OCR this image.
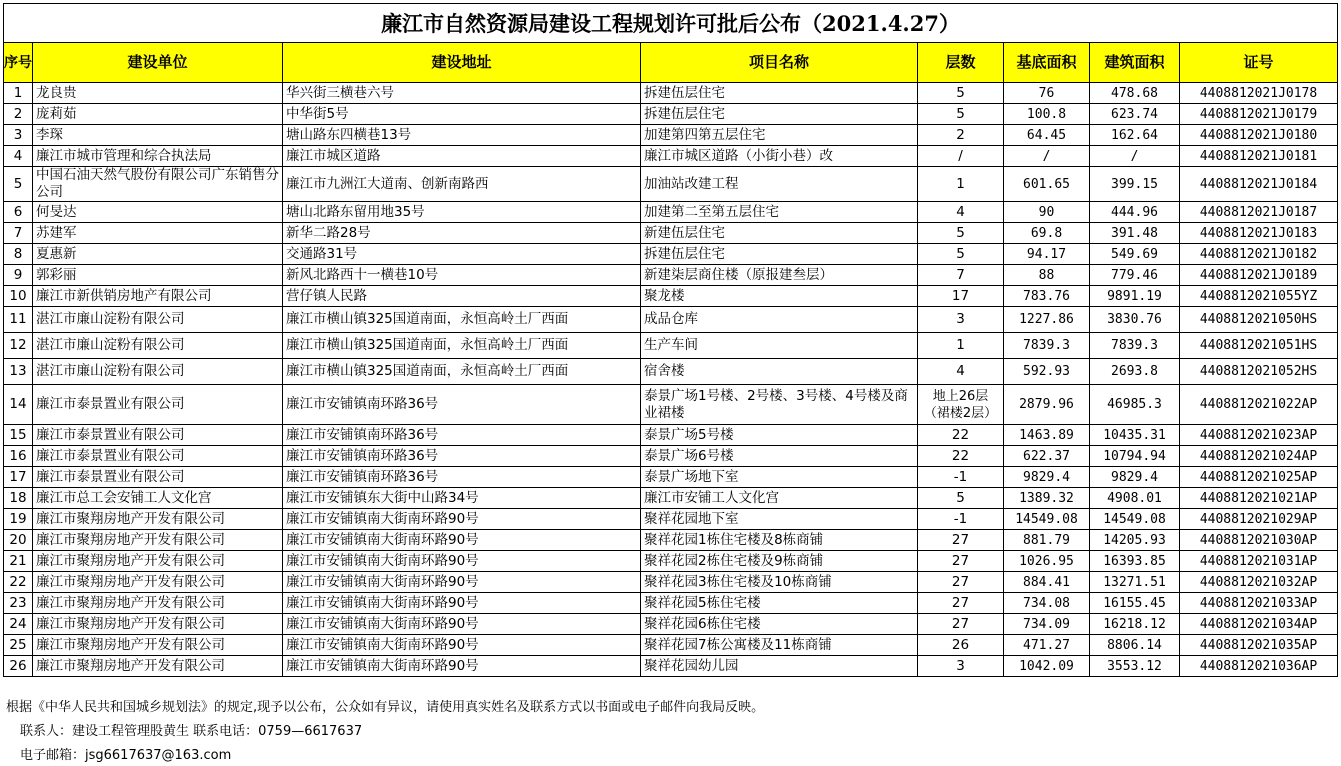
廉江市自然资源局建设工程规划许可批后公布（2021.4.27）							
序号	建设单位	建设地址	项目名称	层数	基底面积	建筑面积	证号
1	龙良贵	华兴街三横巷六号	拆建伍层住宅	5	76	478.68	4408812021J0178
2	庞莉茹	中华街5号	拆建伍层住宅	5	100.8	623.74	4408812021J0179
3	李琛	塘山路东四横巷13号	加建第四第五层住宅	2	64.45	162.64	4408812021J0180
4	廉江市城市管理和综合执法局	廉江市城区道路	廉江市城区道路（小街小巷）改	/	/	/	4408812021J0181
5	中国石油天然气股份有限公司广东销售分公司	廉江市九洲江大道南、创新南路西	加油站改建工程	1	601.65	399.15	4408812021J0184
6	何旻达	塘山北路东留用地35号	加建第二至第五层住宅	4	90	444.96	4408812021J0187
7	苏建军	新华二路28号	新建伍层住宅	5	69.8	391.48	4408812021J0183
8	夏惠新	交通路31号	拆建伍层住宅	5	94.17	549.69	4408812021J0182
9	郭彩丽	新风北路西十一横巷10号	新建柒层商住楼（原报建叁层）	7	88	779.46	4408812021J0189
10	廉江市新供销房地产有限公司	营仔镇人民路	聚龙楼	17	783.76	9891.19	4408812021055YZ
11	湛江市廉山淀粉有限公司	廉江市横山镇325国道南面，永恒高岭土厂西面	成品仓库	3	1227.86	3830.76	4408812021050HS
12	湛江市廉山淀粉有限公司	廉江市横山镇325国道南面，永恒高岭土厂西面	生产车间	1	7839.3	7839.3	4408812021051HS
13	湛江市廉山淀粉有限公司	廉江市横山镇325国道南面，永恒高岭土厂西面	宿舍楼	4	592.93	2693.8	4408812021052HS
14	廉江市泰景置业有限公司	廉江市安铺镇南环路36号	泰景广场1号楼、2号楼、3号楼、4号楼及商业裙楼	地上26层（裙楼2层）	2879.96	46985.3	4408812021022AP
15	廉江市泰景置业有限公司	廉江市安铺镇南环路36号	泰景广场5号楼	22	1463.89	10435.31	4408812021023AP
16	廉江市泰景置业有限公司	廉江市安铺镇南环路36号	泰景广场6号楼	22	622.37	10794.94	4408812021024AP
17	廉江市泰景置业有限公司	廉江市安铺镇南环路36号	泰景广场地下室	-1	9829.4	9829.4	4408812021025AP
18	廉江市总工会安铺工人文化宫	廉江市安铺镇东大街中山路34号	廉江市安铺工人文化宫	5	1389.32	4908.01	4408812021021AP
19	廉江市聚翔房地产开发有限公司	廉江市安铺镇南大街南环路90号	聚祥花园地下室	-1	14549.08	14549.08	4408812021029AP
20	廉江市聚翔房地产开发有限公司	廉江市安铺镇南大街南环路90号	聚祥花园1栋住宅楼及8栋商铺	27	881.79	14205.93	4408812021030AP
21	廉江市聚翔房地产开发有限公司	廉江市安铺镇南大街南环路90号	聚祥花园2栋住宅楼及9栋商铺	27	1026.95	16393.85	4408812021031AP
22	廉江市聚翔房地产开发有限公司	廉江市安铺镇南大街南环路90号	聚祥花园3栋住宅楼及10栋商铺	27	884.41	13271.51	4408812021032AP
23	廉江市聚翔房地产开发有限公司	廉江市安铺镇南大街南环路90号	聚祥花园5栋住宅楼	27	734.08	16155.45	4408812021033AP
24	廉江市聚翔房地产开发有限公司	廉江市安铺镇南大街南环路90号	聚祥花园6栋住宅楼	27	734.09	16218.12	4408812021034AP
25	廉江市聚翔房地产开发有限公司	廉江市安铺镇南大街南环路90号	聚祥花园7栋公寓楼及11栋商铺	26	471.27	8806.14	4408812021035AP
26	廉江市聚翔房地产开发有限公司	廉江市安铺镇南大街南环路90号	聚祥花园幼儿园	3	1042.09	3553.12	4408812021036AP
根据《中华人民共和国城乡规划法》的规定,现予以公布，公众如有异议，请使用真实姓名及联系方式以书面或电子邮件向我局反映。
联系人：建设工程管理股黄生 联系电话：0759—6617637
电子邮箱：jsg6617637@163.com
